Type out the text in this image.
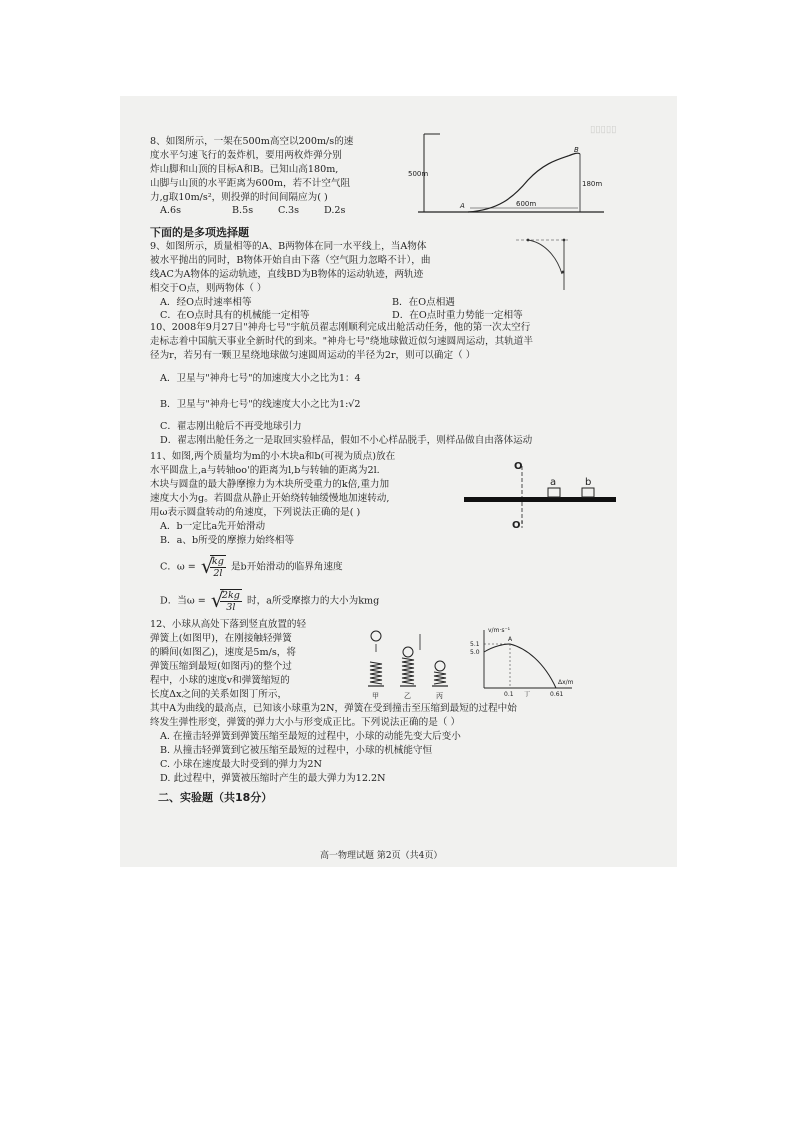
▯▯▯▯▯
8、如图所示，一架在500m高空以200m/s的速
度水平匀速飞行的轰炸机，要用两枚炸弹分别
炸山脚和山顶的目标A和B。已知山高180m,
山脚与山顶的水平距离为600m，若不计空气阻
力,g取10m/s²，则投弹的时间间隔应为( )
A.6s	B.5s	C.3s	D.2s
500m
180m
600m
A
B
下面的是多项选择题
9、如图所示，质量相等的A、B两物体在同一水平线上，当A物体
被水平抛出的同时，B物体开始自由下落（空气阻力忽略不计），曲
线AC为A物体的运动轨迹，直线BD为B物体的运动轨迹，两轨迹
相交于O点，则两物体（ ）
A．经O点时速率相等	B．在O点相遇
C．在O点时具有的机械能一定相等	D．在O点时重力势能一定相等
10、2008年9月27日"神舟七号"宇航员翟志刚顺利完成出舱活动任务，他的第一次太空行
走标志着中国航天事业全新时代的到来。"神舟七号"绕地球做近似匀速圆周运动，其轨道半
径为r，若另有一颗卫星绕地球做匀速圆周运动的半径为2r，则可以确定（ ）
A．卫星与"神舟七号"的加速度大小之比为1：4
B．卫星与"神舟七号"的线速度大小之比为1:√2
C．翟志刚出舱后不再受地球引力
D．翟志刚出舱任务之一是取回实验样品，假如不小心样品脱手，则样品做自由落体运动
11、如图,两个质量均为m的小木块a和b(可视为质点)放在
水平圆盘上,a与转轴oo'的距离为l,b与转轴的距离为2l.
木块与圆盘的最大静摩擦力为木块所受重力的k倍,重力加
速度大小为g。若圆盘从静止开始绕转轴缓慢地加速转动,
用ω表示圆盘转动的角速度，下列说法正确的是( )
A．b一定比a先开始滑动
B．a、b所受的摩擦力始终相等
C．ω = √ $\frac{kg}{2l}$ 是b开始滑动的临界角速度
D．当ω = √ $\frac{2kg}{3l}$ 时，a所受摩擦力的大小为kmg
O
O'
a	b
12、小球从高处下落到竖直放置的轻
弹簧上(如图甲)，在刚接触轻弹簧
的瞬间(如图乙)，速度是5m/s，将
弹簧压缩到最短(如图丙)的整个过
程中，小球的速度v和弹簧缩短的
长度Δx之间的关系如图丁所示，
其中A为曲线的最高点，已知该小球重为2N，弹簧在受到撞击至压缩到最短的过程中始
终发生弹性形变，弹簧的弹力大小与形变成正比。下列说法正确的是（ ）
A. 在撞击轻弹簧到弹簧压缩至最短的过程中，小球的动能先变大后变小
B. 从撞击轻弹簧到它被压缩至最短的过程中，小球的机械能守恒
C. 小球在速度最大时受到的弹力为2N
D. 此过程中，弹簧被压缩时产生的最大弹力为12.2N
甲	乙	丙
v/m·s⁻¹
5.1
5.0
A
0.1	0.61
丁
Δx/m
二、实验题（共18分）
高一物理试题 第2页（共4页）
